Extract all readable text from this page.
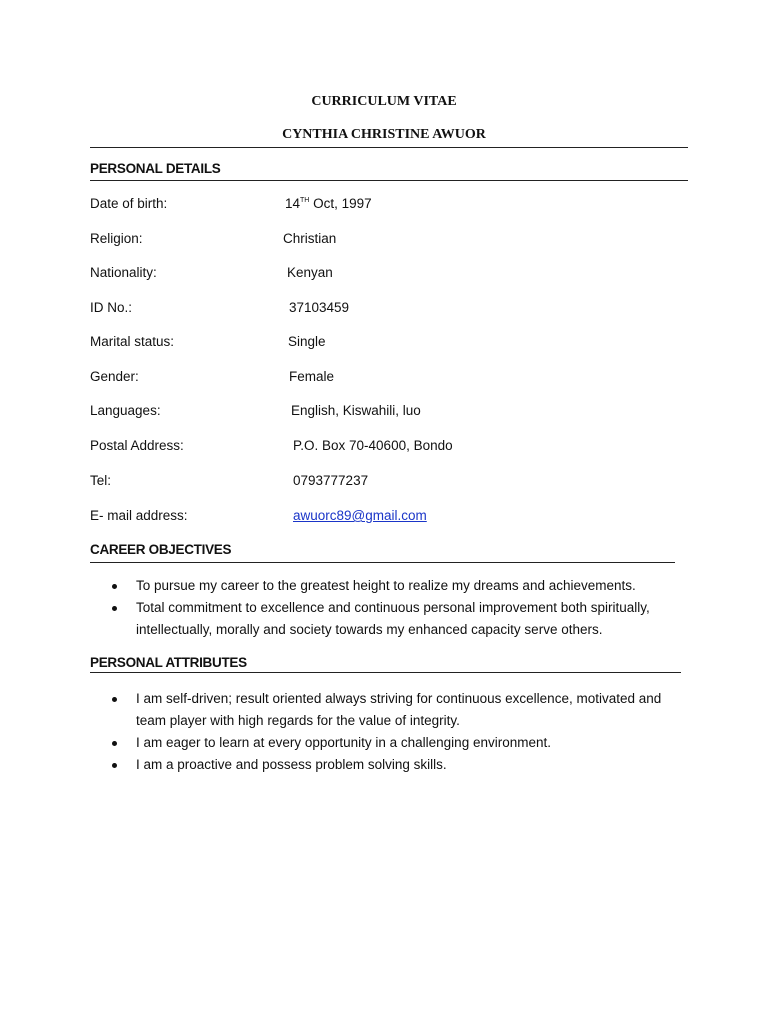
CURRICULUM VITAE
CYNTHIA CHRISTINE AWUOR
PERSONAL DETAILS
Date of birth:	14TH Oct, 1997
Religion:	Christian
Nationality:	Kenyan
ID No.:	37103459
Marital status:	Single
Gender:	Female
Languages:	English, Kiswahili, luo
Postal Address:	P.O. Box 70-40600, Bondo
Tel:	0793777237
E- mail address:	awuorc89@gmail.com
CAREER OBJECTIVES
To pursue my career to the greatest height to realize my dreams and achievements.
Total commitment to excellence and continuous personal improvement both spiritually, intellectually, morally and society towards my enhanced capacity serve others.
PERSONAL ATTRIBUTES
I am self-driven; result oriented always striving for continuous excellence, motivated and team player with high regards for the value of integrity.
I am eager to learn at every opportunity in a challenging environment.
I am a proactive and possess problem solving skills.
